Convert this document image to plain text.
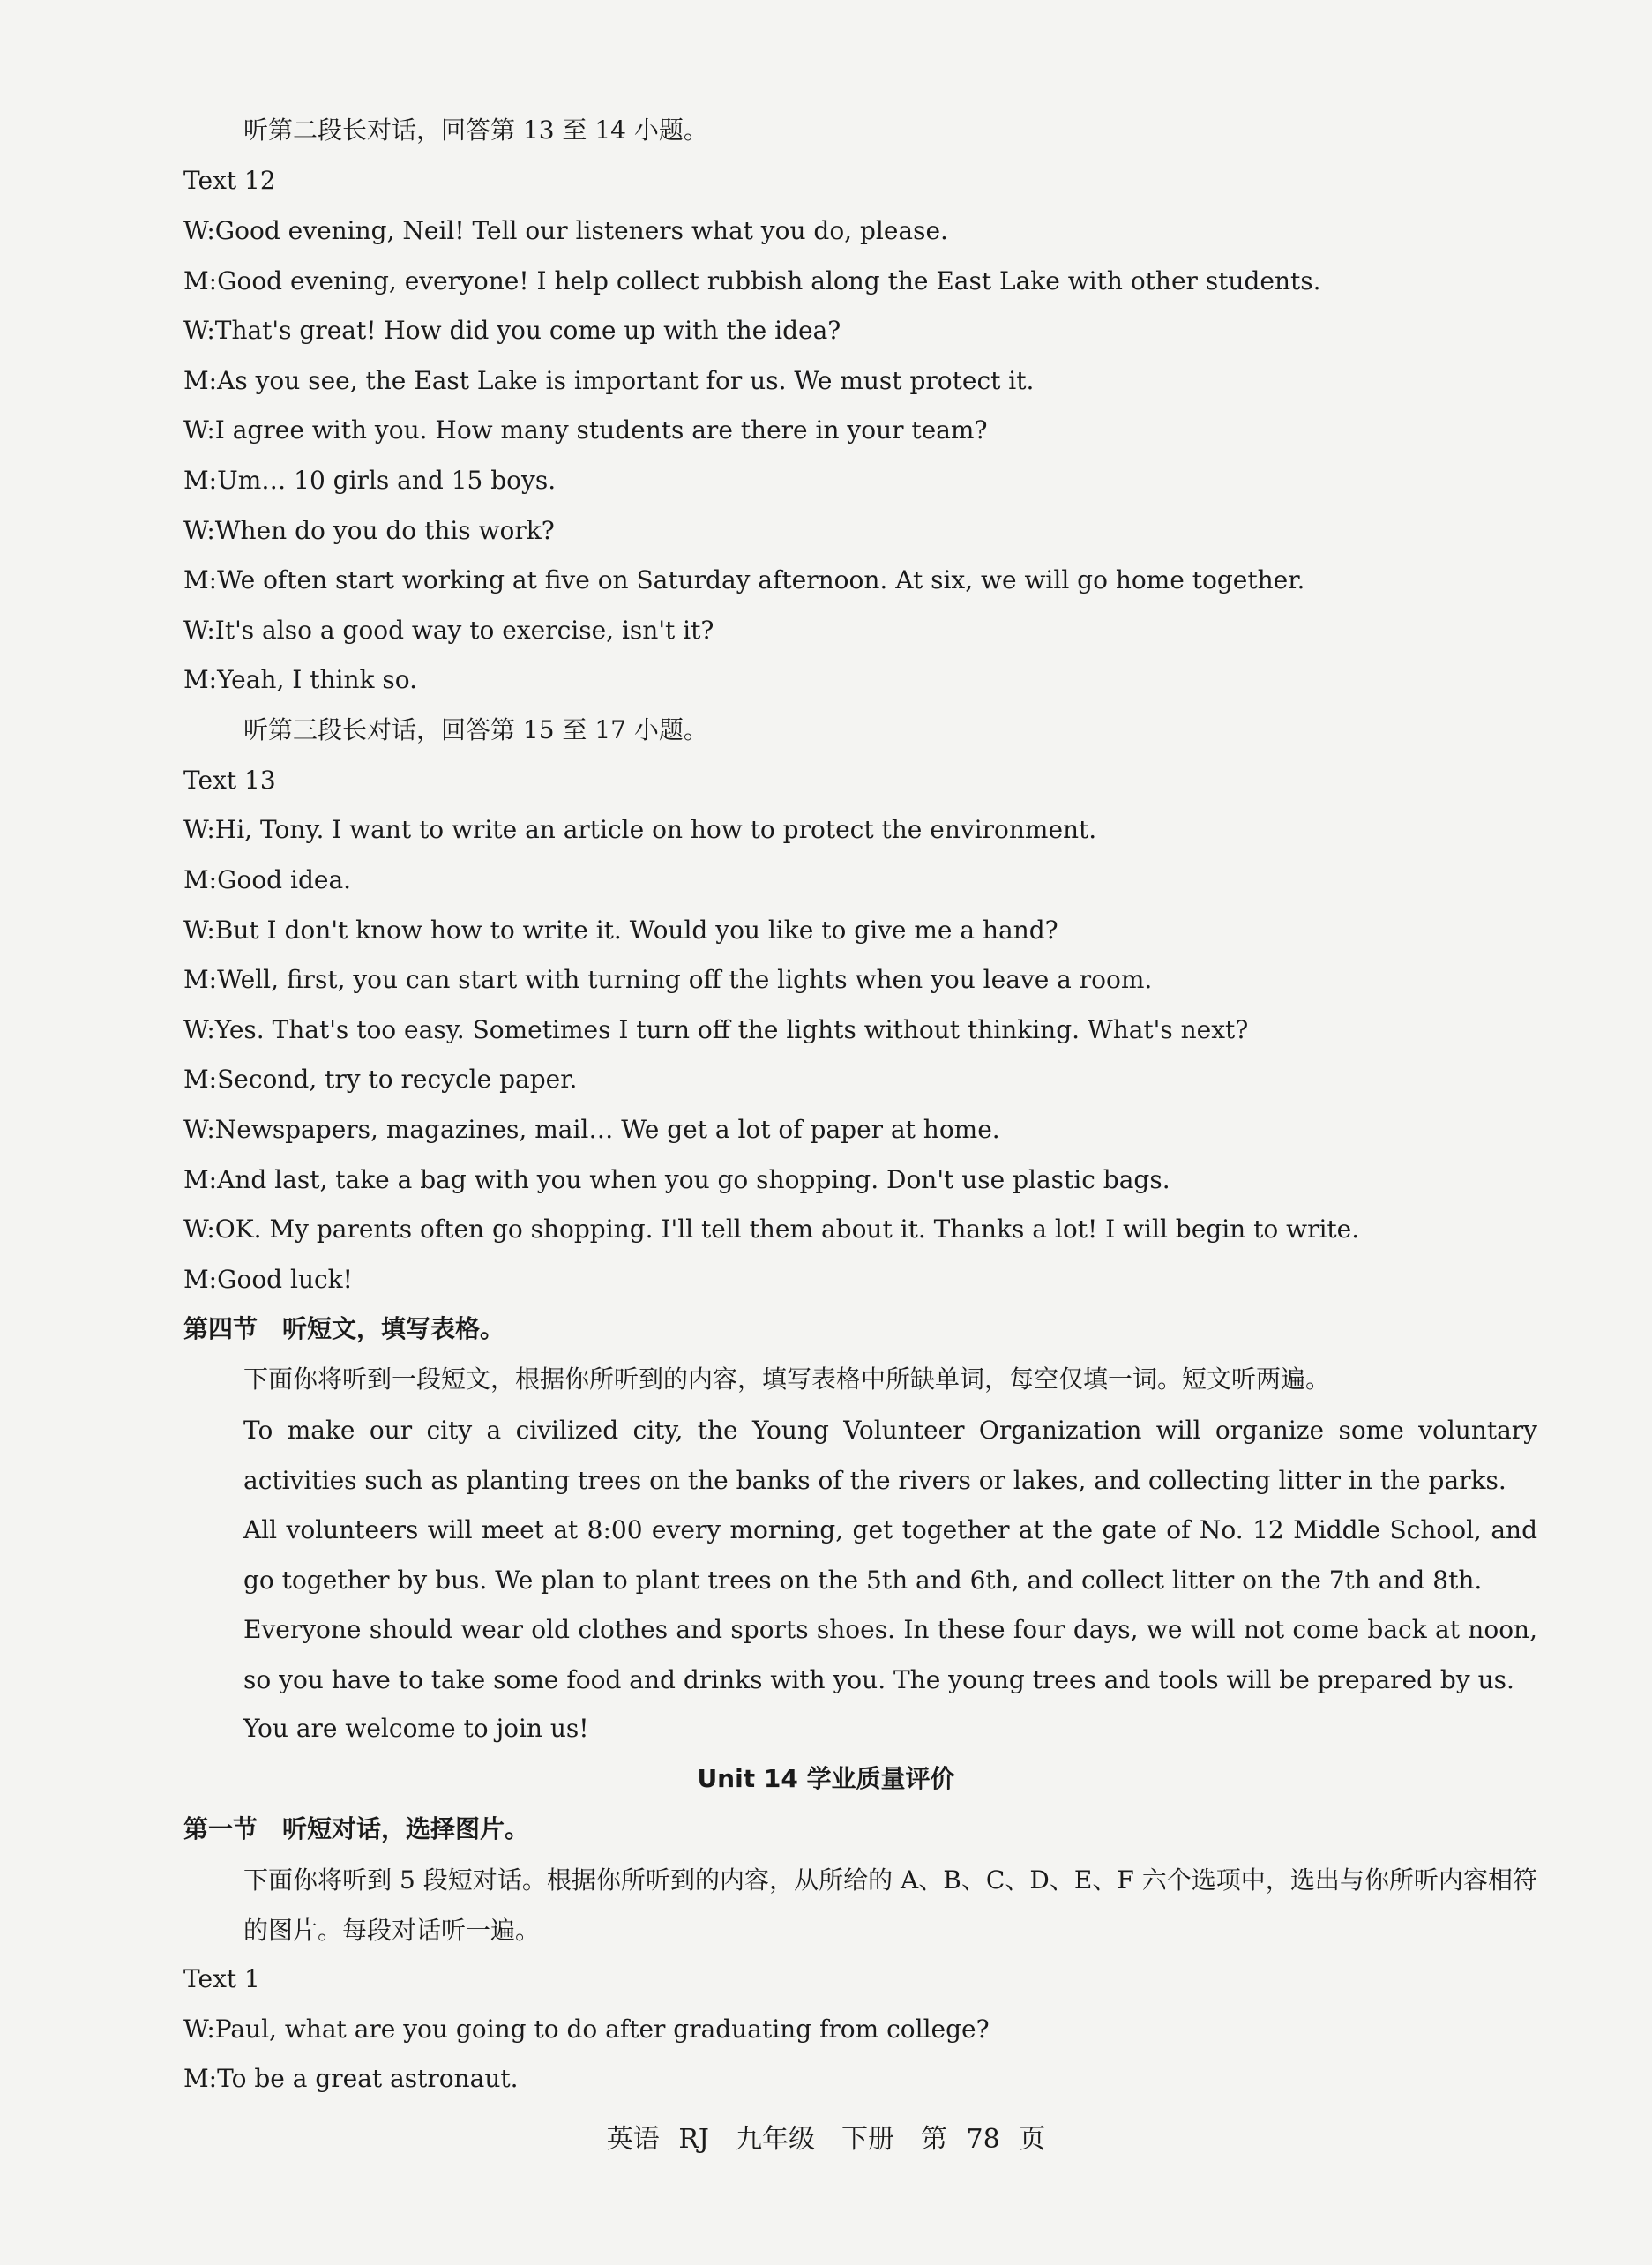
听第二段长对话，回答第 13 至 14 小题。
Text 12
W:Good evening, Neil! Tell our listeners what you do, please.
M:Good evening, everyone! I help collect rubbish along the East Lake with other students.
W:That's great! How did you come up with the idea?
M:As you see, the East Lake is important for us. We must protect it.
W:I agree with you. How many students are there in your team?
M:Um… 10 girls and 15 boys.
W:When do you do this work?
M:We often start working at five on Saturday afternoon. At six, we will go home together.
W:It's also a good way to exercise, isn't it?
M:Yeah, I think so.
听第三段长对话，回答第 15 至 17 小题。
Text 13
W:Hi, Tony. I want to write an article on how to protect the environment.
M:Good idea.
W:But I don't know how to write it. Would you like to give me a hand?
M:Well, first, you can start with turning off the lights when you leave a room.
W:Yes. That's too easy. Sometimes I turn off the lights without thinking. What's next?
M:Second, try to recycle paper.
W:Newspapers, magazines, mail… We get a lot of paper at home.
M:And last, take a bag with you when you go shopping. Don't use plastic bags.
W:OK. My parents often go shopping. I'll tell them about it. Thanks a lot! I will begin to write.
M:Good luck!
第四节　听短文，填写表格。
下面你将听到一段短文，根据你所听到的内容，填写表格中所缺单词，每空仅填一词。短文听两遍。
To make our city a civilized city, the Young Volunteer Organization will organize some voluntary activities such as planting trees on the banks of the rivers or lakes, and collecting litter in the parks.
All volunteers will meet at 8:00 every morning, get together at the gate of No. 12 Middle School, and go together by bus. We plan to plant trees on the 5th and 6th, and collect litter on the 7th and 8th.
Everyone should wear old clothes and sports shoes. In these four days, we will not come back at noon, so you have to take some food and drinks with you. The young trees and tools will be prepared by us.
You are welcome to join us!
Unit 14 学业质量评价
第一节　听短对话，选择图片。
下面你将听到 5 段短对话。根据你所听到的内容，从所给的 A、B、C、D、E、F 六个选项中，选出与你所听内容相符的图片。每段对话听一遍。
Text 1
W:Paul, what are you going to do after graduating from college?
M:To be a great astronaut.
英语 RJ　九年级　下册　第 78 页
